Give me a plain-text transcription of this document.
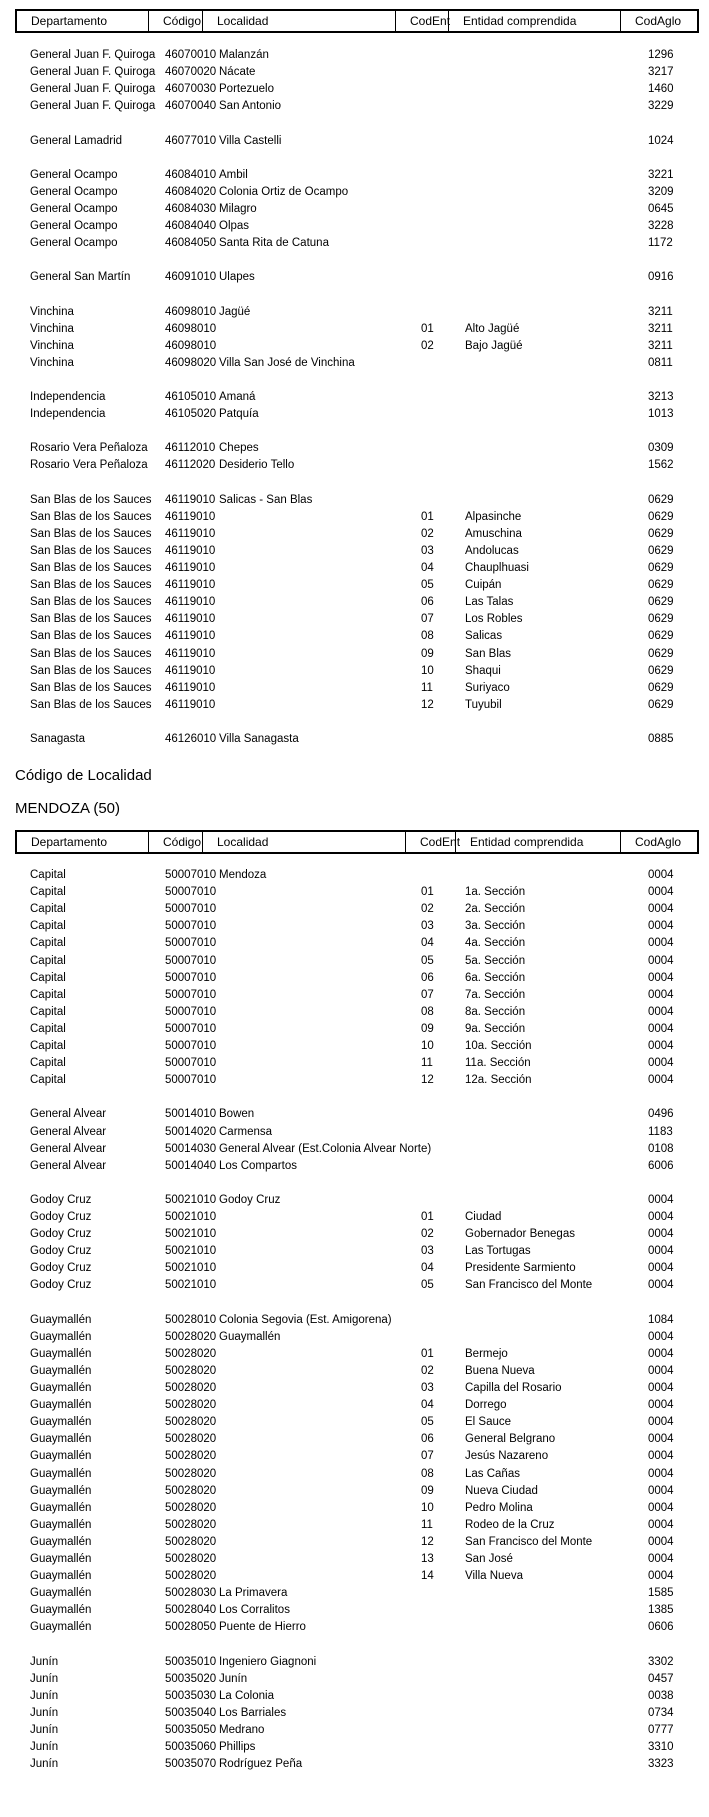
Departamento	Código	Localidad	CodEnt	Entidad comprendida	CodAglo
General Juan F. Quiroga 46070010 Malanzán	1296
General Juan F. Quiroga 46070020 Nácate	3217
General Juan F. Quiroga 46070030 Portezuelo	1460
General Juan F. Quiroga 46070040 San Antonio	3229
General Lamadrid	46077010 Villa Castelli	1024
General Ocampo	46084010 Ambil	3221
General Ocampo	46084020 Colonia Ortiz de Ocampo	3209
General Ocampo	46084030 Milagro	0645
General Ocampo	46084040 Olpas	3228
General Ocampo	46084050 Santa Rita de Catuna	1172
General San Martín	46091010 Ulapes	0916
Vinchina	46098010 Jagüé	3211
Vinchina	46098010	01	Alto Jagüé	3211
Vinchina	46098010	02	Bajo Jagüé	3211
Vinchina	46098020 Villa San José de Vinchina	0811
Independencia	46105010 Amaná	3213
Independencia	46105020 Patquía	1013
Rosario Vera Peñaloza 46112010 Chepes	0309
Rosario Vera Peñaloza 46112020 Desiderio Tello	1562
San Blas de los Sauces 46119010 Salicas - San Blas	0629
San Blas de los Sauces 46119010	01	Alpasinche	0629
San Blas de los Sauces 46119010	02	Amuschina	0629
San Blas de los Sauces 46119010	03	Andolucas	0629
San Blas de los Sauces 46119010	04	Chauplhuasi	0629
San Blas de los Sauces 46119010	05	Cuipán	0629
San Blas de los Sauces 46119010	06	Las Talas	0629
San Blas de los Sauces 46119010	07	Los Robles	0629
San Blas de los Sauces 46119010	08	Salicas	0629
San Blas de los Sauces 46119010	09	San Blas	0629
San Blas de los Sauces 46119010	10	Shaqui	0629
San Blas de los Sauces 46119010	11	Suriyaco	0629
San Blas de los Sauces 46119010	12	Tuyubil	0629
Sanagasta	46126010 Villa Sanagasta	0885
Código de Localidad
MENDOZA (50)
Departamento	Código	Localidad	CodEnt Entidad comprendida	CodAglo
Capital	50007010 Mendoza	0004
Capital	50007010	01	1a. Sección	0004
Capital	50007010	02	2a. Sección	0004
Capital	50007010	03	3a. Sección	0004
Capital	50007010	04	4a. Sección	0004
Capital	50007010	05	5a. Sección	0004
Capital	50007010	06	6a. Sección	0004
Capital	50007010	07	7a. Sección	0004
Capital	50007010	08	8a. Sección	0004
Capital	50007010	09	9a. Sección	0004
Capital	50007010	10	10a. Sección	0004
Capital	50007010	11	11a. Sección	0004
Capital	50007010	12	12a. Sección	0004
General Alvear	50014010 Bowen	0496
General Alvear	50014020 Carmensa	1183
General Alvear	50014030 General Alvear (Est.Colonia Alvear Norte)	0108
General Alvear	50014040 Los Compartos	6006
Godoy Cruz	50021010 Godoy Cruz	0004
Godoy Cruz	50021010	01	Ciudad	0004
Godoy Cruz	50021010	02	Gobernador Benegas	0004
Godoy Cruz	50021010	03	Las Tortugas	0004
Godoy Cruz	50021010	04	Presidente Sarmiento	0004
Godoy Cruz	50021010	05	San Francisco del Monte	0004
Guaymallén	50028010 Colonia Segovia (Est. Amigorena)	1084
Guaymallén	50028020 Guaymallén	0004
Guaymallén	50028020	01	Bermejo	0004
Guaymallén	50028020	02	Buena Nueva	0004
Guaymallén	50028020	03	Capilla del Rosario	0004
Guaymallén	50028020	04	Dorrego	0004
Guaymallén	50028020	05	El Sauce	0004
Guaymallén	50028020	06	General Belgrano	0004
Guaymallén	50028020	07	Jesús Nazareno	0004
Guaymallén	50028020	08	Las Cañas	0004
Guaymallén	50028020	09	Nueva Ciudad	0004
Guaymallén	50028020	10	Pedro Molina	0004
Guaymallén	50028020	11	Rodeo de la Cruz	0004
Guaymallén	50028020	12	San Francisco del Monte	0004
Guaymallén	50028020	13	San José	0004
Guaymallén	50028020	14	Villa Nueva	0004
Guaymallén	50028030 La Primavera	1585
Guaymallén	50028040 Los Corralitos	1385
Guaymallén	50028050 Puente de Hierro	0606
Junín	50035010 Ingeniero Giagnoni	3302
Junín	50035020 Junín	0457
Junín	50035030 La Colonia	0038
Junín	50035040 Los Barriales	0734
Junín	50035050 Medrano	0777
Junín	50035060 Phillips	3310
Junín	50035070 Rodríguez Peña	3323
